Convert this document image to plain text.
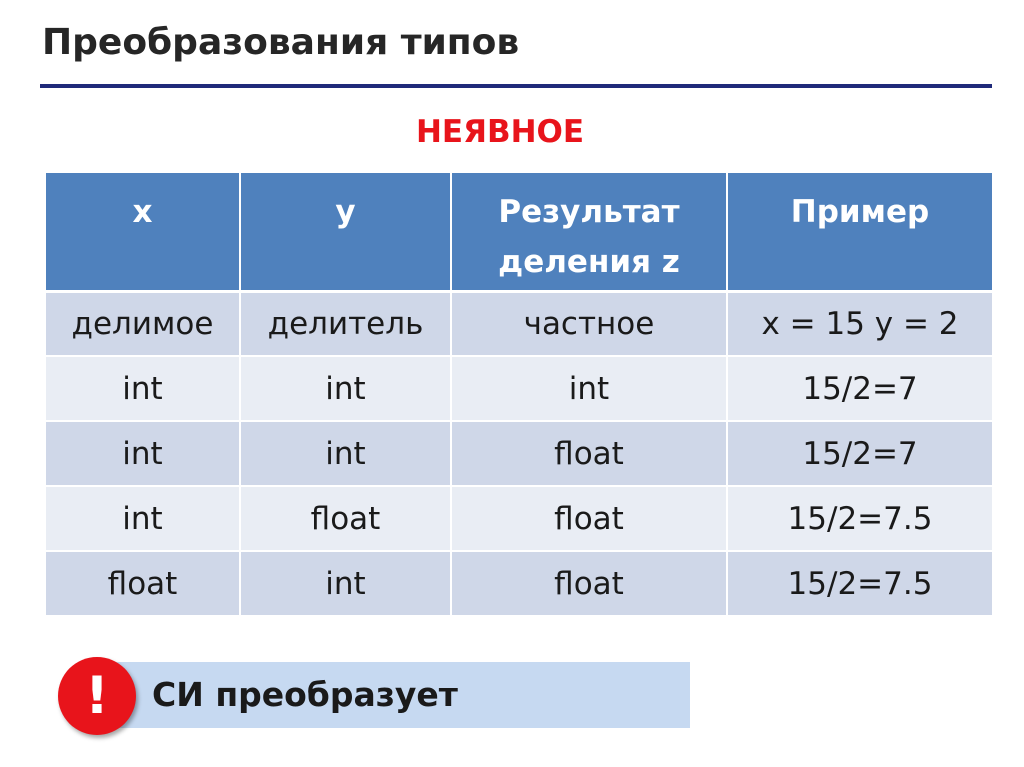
Преобразования типов
НЕЯВНОЕ
x	y	Результат деления z	Пример
делимое	делитель	частное	x = 15 y = 2
int	int	int	15/2=7
int	int	float	15/2=7
int	float	float	15/2=7.5
float	int	float	15/2=7.5
СИ преобразует
!
